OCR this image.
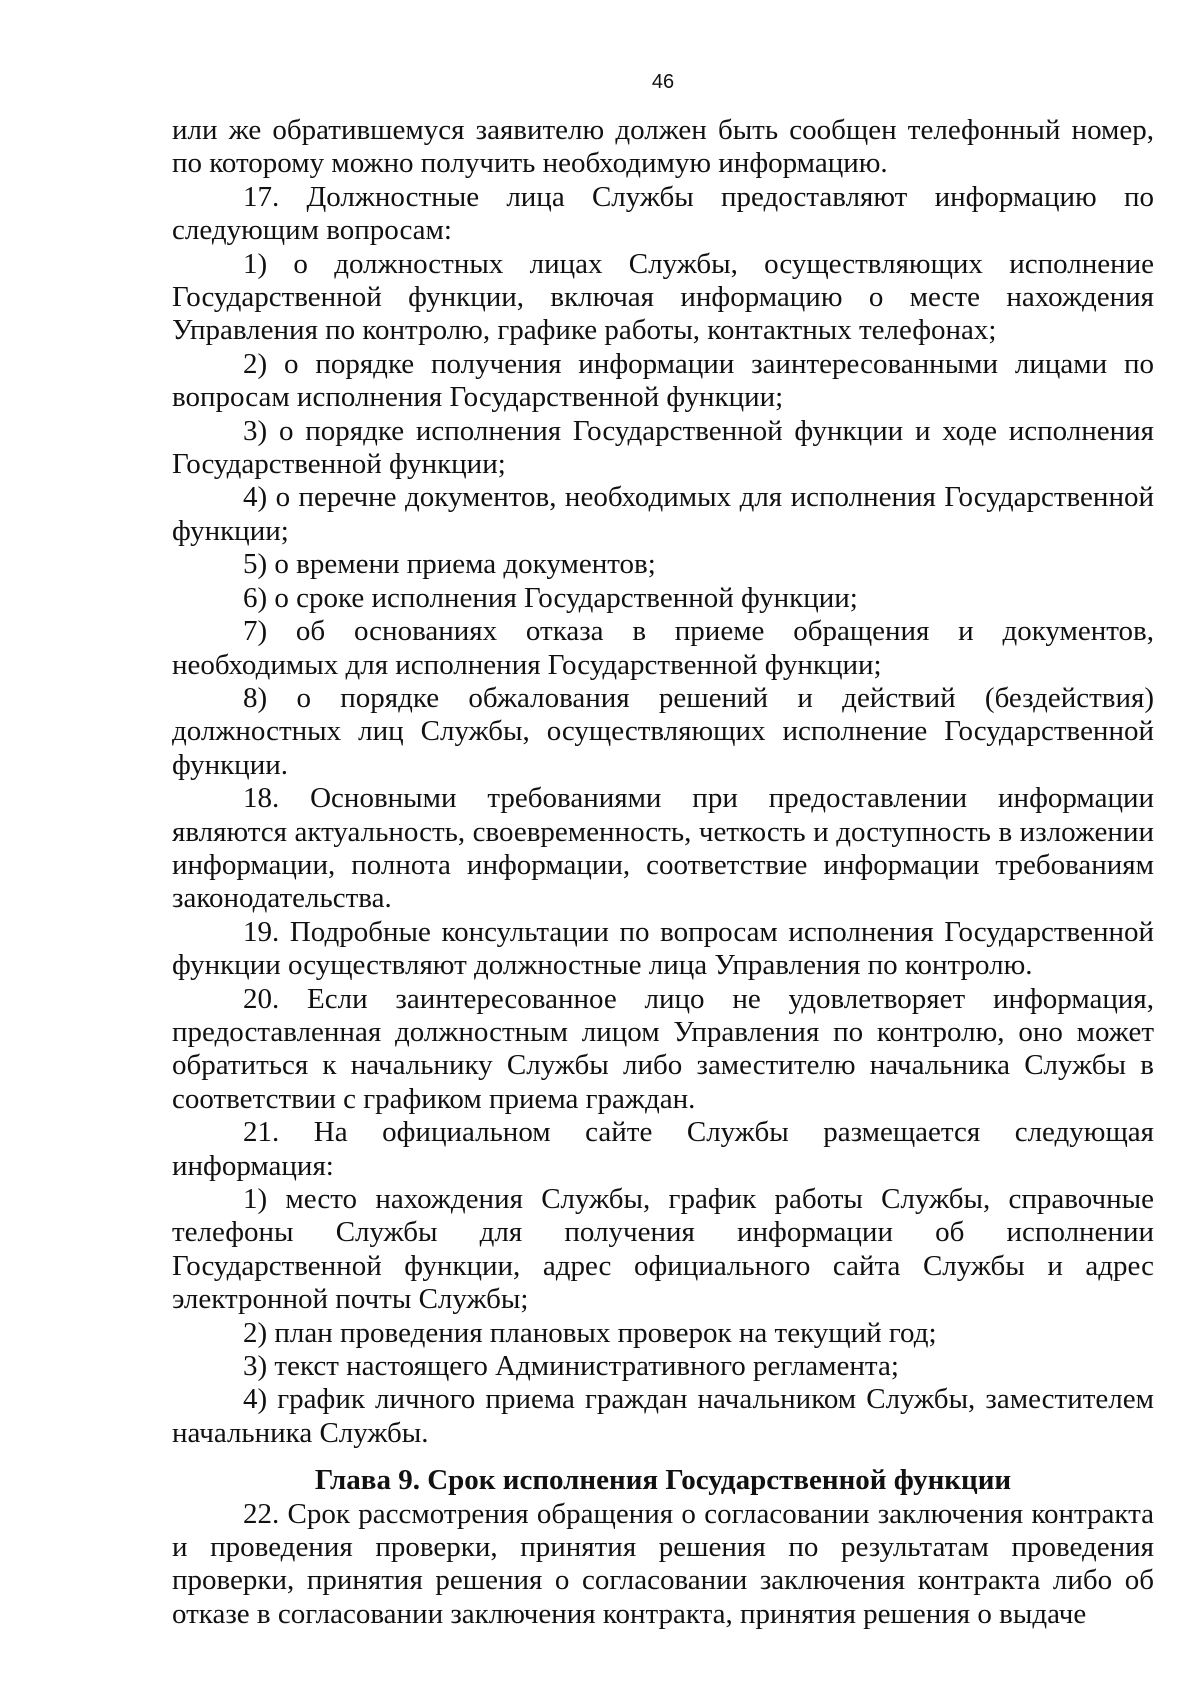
46

или же обратившемуся заявителю должен быть сообщен телефонный номер, по которому можно получить необходимую информацию.

17. Должностные лица Службы предоставляют информацию по следующим вопросам:

1) о должностных лицах Службы, осуществляющих исполнение Государственной функции, включая информацию о месте нахождения Управления по контролю, графике работы, контактных телефонах;

2) о порядке получения информации заинтересованными лицами по вопросам исполнения Государственной функции;

3) о порядке исполнения Государственной функции и ходе исполнения Государственной функции;

4) о перечне документов, необходимых для исполнения Государственной функции;

5) о времени приема документов;

6) о сроке исполнения Государственной функции;

7) об основаниях отказа в приеме обращения и документов, необходимых для исполнения Государственной функции;

8) о порядке обжалования решений и действий (бездействия) должностных лиц Службы, осуществляющих исполнение Государственной функции.

18. Основными требованиями при предоставлении информации являются актуальность, своевременность, четкость и доступность в изложении информации, полнота информации, соответствие информации требованиям законодательства.

19. Подробные консультации по вопросам исполнения Государственной функции осуществляют должностные лица Управления по контролю.

20. Если заинтересованное лицо не удовлетворяет информация, предоставленная должностным лицом Управления по контролю, оно может обратиться к начальнику Службы либо заместителю начальника Службы в соответствии с графиком приема граждан.

21. На официальном сайте Службы размещается следующая информация:

1) место нахождения Службы, график работы Службы, справочные телефоны Службы для получения информации об исполнении Государственной функции, адрес официального сайта Службы и адрес электронной почты Службы;

2) план проведения плановых проверок на текущий год;

3) текст настоящего Административного регламента;

4) график личного приема граждан начальником Службы, заместителем начальника Службы.

Глава 9. Срок исполнения Государственной функции

22. Срок рассмотрения обращения о согласовании заключения контракта и проведения проверки, принятия решения по результатам проведения проверки, принятия решения о согласовании заключения контракта либо об отказе в согласовании заключения контракта, принятия решения о выдаче
